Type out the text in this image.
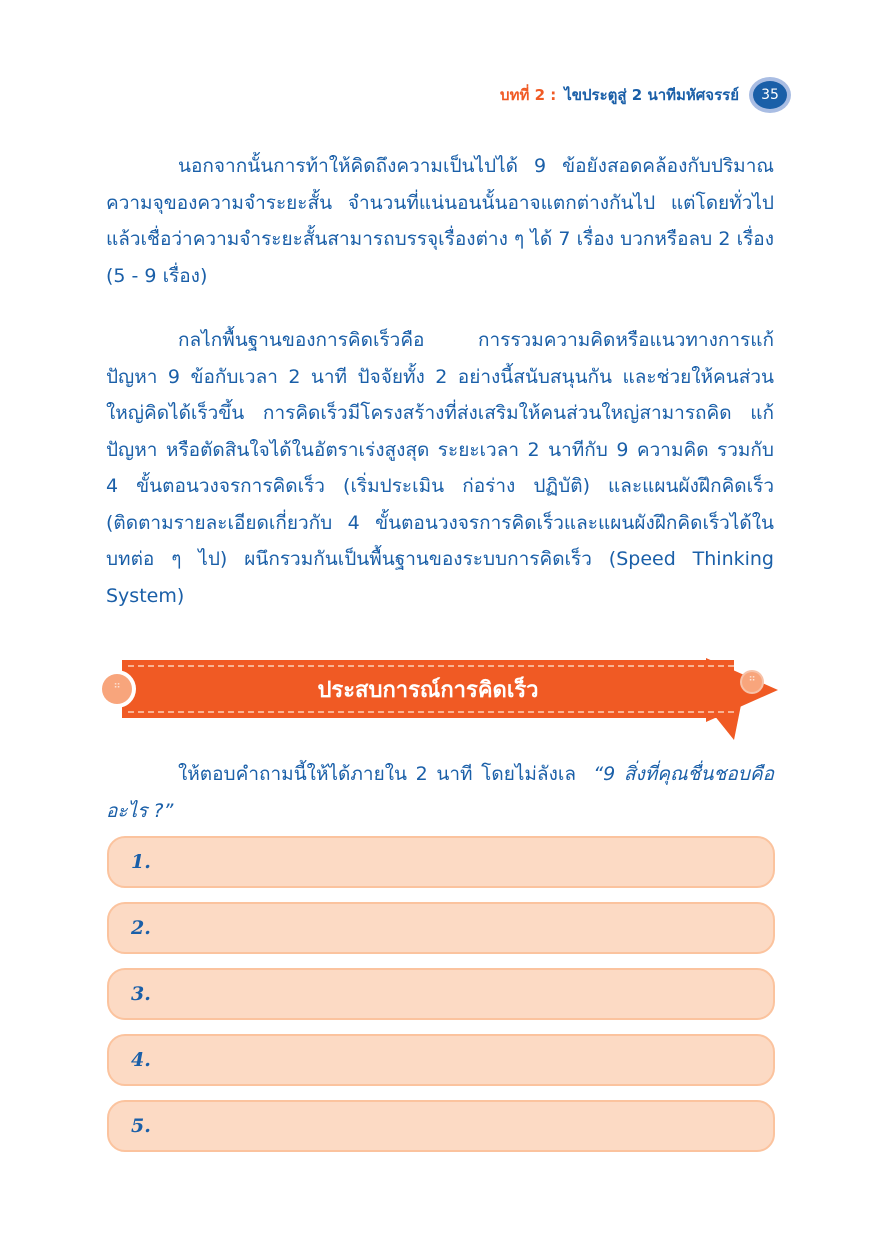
บทที่ 2 : ไขประตูสู่ 2 นาทีมหัศจรรย์	35

นอกจากนั้นการท้าให้คิดถึงความเป็นไปได้ 9 ข้อยังสอดคล้องกับปริมาณความจุของความจำระยะสั้น จำนวนที่แน่นอนนั้นอาจแตกต่างกันไป แต่โดยทั่วไปแล้วเชื่อว่าความจำระยะสั้นสามารถบรรจุเรื่องต่าง ๆ ได้ 7 เรื่อง บวกหรือลบ 2 เรื่อง (5 - 9 เรื่อง)

กลไกพื้นฐานของการคิดเร็วคือ การรวมความคิดหรือแนวทางการแก้ปัญหา 9 ข้อกับเวลา 2 นาที ปัจจัยทั้ง 2 อย่างนี้สนับสนุนกัน และช่วยให้คนส่วนใหญ่คิดได้เร็วขึ้น การคิดเร็วมีโครงสร้างที่ส่งเสริมให้คนส่วนใหญ่สามารถคิด แก้ปัญหา หรือตัดสินใจได้ในอัตราเร่งสูงสุด ระยะเวลา 2 นาทีกับ 9 ความคิด รวมกับ 4 ขั้นตอนวงจรการคิดเร็ว (เริ่มประเมิน ก่อร่าง ปฏิบัติ) และแผนผังฝึกคิดเร็ว (ติดตามรายละเอียดเกี่ยวกับ 4 ขั้นตอนวงจรการคิดเร็วและแผนผังฝึกคิดเร็วได้ในบทต่อ ๆ ไป) ผนึกรวมกันเป็นพื้นฐานของระบบการคิดเร็ว (Speed Thinking System)

ประสบการณ์การคิดเร็ว
⠛
⠛

ให้ตอบคำถามนี้ให้ได้ภายใน 2 นาที โดยไม่ลังเล “9 สิ่งที่คุณชื่นชอบคืออะไร ?”

1.
2.
3.
4.
5.
